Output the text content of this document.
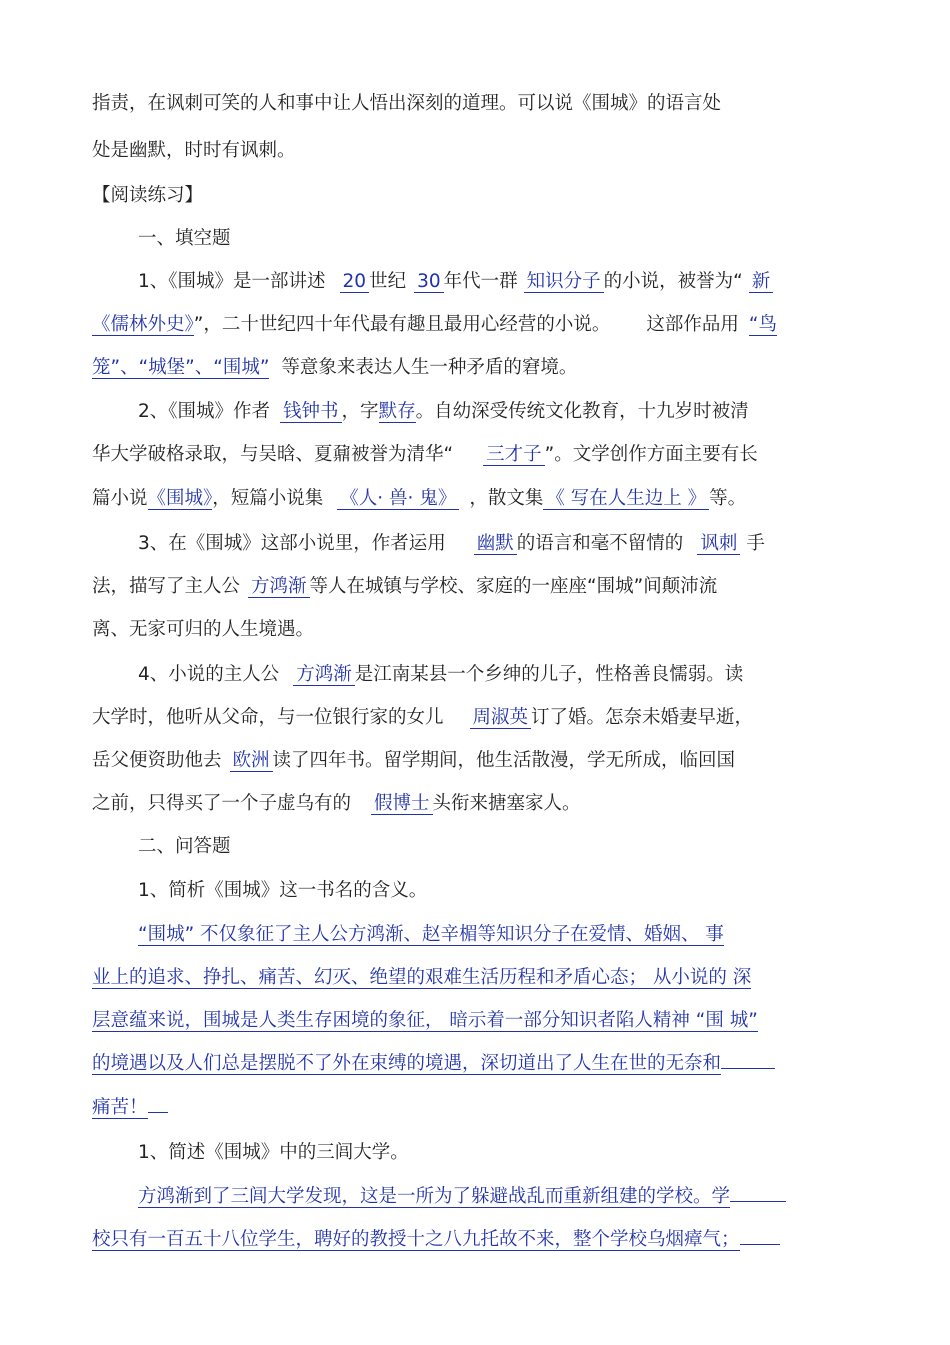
指责，在讽刺可笑的人和事中让人悟出深刻的道理。可以说《围城》的语言处
处是幽默，时时有讽刺。
【阅读练习】
一、填空题
1、《围城》是一部讲述 20 世纪 30 年代一群 知识分子 的小说，被誉为“ 新
《儒林外史》”，二十世纪四十年代最有趣且最用心经营的小说。 这部作品用 “鸟
笼”、“城堡”、“围城” 等意象来表达人生一种矛盾的窘境。
2、《围城》作者 钱钟书 ，字默存。自幼深受传统文化教育，十九岁时被清
华大学破格录取，与吴晗、夏鼐被誉为清华“ 三才子 ”。文学创作方面主要有长
篇小说《围城》，短篇小说集 《人· 兽· 鬼》 ，散文集 《 写在人生边上 》 等。
3、在《围城》这部小说里，作者运用 幽默 的语言和毫不留情的 讽刺 手
法，描写了主人公 方鸿渐 等人在城镇与学校、家庭的一座座“围城”间颠沛流
离、无家可归的人生境遇。
4、小说的主人公 方鸿渐 是江南某县一个乡绅的儿子，性格善良懦弱。读
大学时，他听从父命，与一位银行家的女儿 周淑英 订了婚。怎奈未婚妻早逝，
岳父便资助他去 欧洲 读了四年书。留学期间，他生活散漫，学无所成，临回国
之前，只得买了一个子虚乌有的 假博士 头衔来搪塞家人。
二、问答题
1、简析《围城》这一书名的含义。
“围城” 不仅象征了主人公方鸿渐、赵辛楣等知识分子在爱情、婚姻、 事
业上的追求、挣扎、痛苦、幻灭、绝望的艰难生活历程和矛盾心态； 从小说的 深
层意蕴来说，围城是人类生存困境的象征， 暗示着一部分知识者陷人精神 “围 城”
的境遇以及人们总是摆脱不了外在束缚的境遇，深切道出了人生在世的无奈和
痛苦！
1、简述《围城》中的三闾大学。
方鸿渐到了三闾大学发现，这是一所为了躲避战乱而重新组建的学校。学
校只有一百五十八位学生，聘好的教授十之八九托故不来，整个学校乌烟瘴气；
